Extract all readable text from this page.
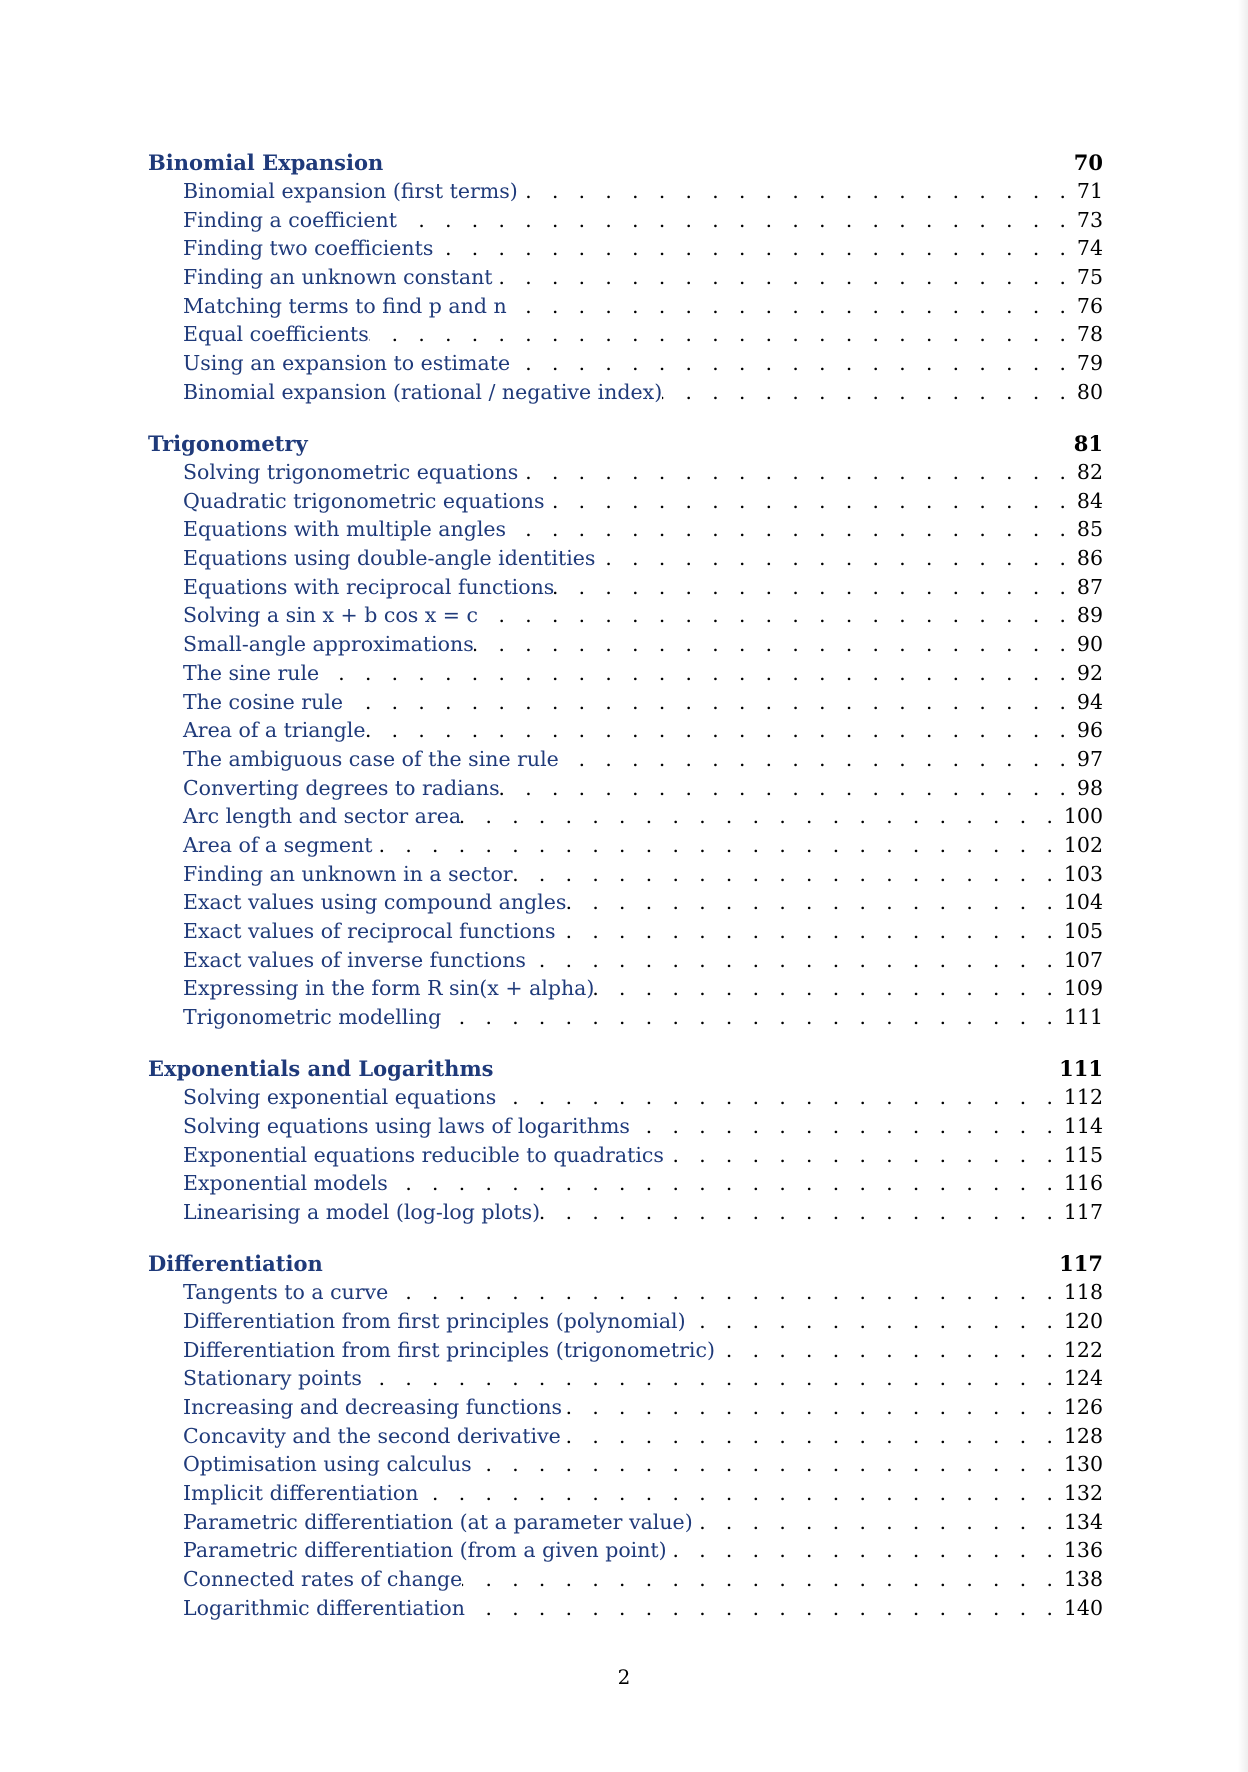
Binomial Expansion	70
Binomial expansion (first terms) . . .	71
Finding a coefficient . . .	73
Finding two coefficients . . .	74
Finding an unknown constant . . .	75
Matching terms to find p and n . . .	76
Equal coefficients . . .	78
Using an expansion to estimate . . .	79
Binomial expansion (rational / negative index) . . .	80
Trigonometry	81
Solving trigonometric equations . . .	82
Quadratic trigonometric equations . . .	84
Equations with multiple angles . . .	85
Equations using double-angle identities . . .	86
Equations with reciprocal functions . . .	87
Solving a sin x + b cos x = c . . .	89
Small-angle approximations . . .	90
The sine rule . . .	92
The cosine rule . . .	94
Area of a triangle . . .	96
The ambiguous case of the sine rule . . .	97
Converting degrees to radians . . .	98
Arc length and sector area . . .	100
Area of a segment . . .	102
Finding an unknown in a sector . . .	103
Exact values using compound angles . . .	104
Exact values of reciprocal functions . . .	105
Exact values of inverse functions . . .	107
Expressing in the form R sin(x + alpha) . . .	109
Trigonometric modelling . . .	111
Exponentials and Logarithms	111
Solving exponential equations . . .	112
Solving equations using laws of logarithms . . .	114
Exponential equations reducible to quadratics . . .	115
Exponential models . . .	116
Linearising a model (log-log plots) . . .	117
Differentiation	117
Tangents to a curve . . .	118
Differentiation from first principles (polynomial) . . .	120
Differentiation from first principles (trigonometric) . . .	122
Stationary points . . .	124
Increasing and decreasing functions . . .	126
Concavity and the second derivative . . .	128
Optimisation using calculus . . .	130
Implicit differentiation . . .	132
Parametric differentiation (at a parameter value) . . .	134
Parametric differentiation (from a given point) . . .	136
Connected rates of change . . .	138
Logarithmic differentiation . . .	140
2
